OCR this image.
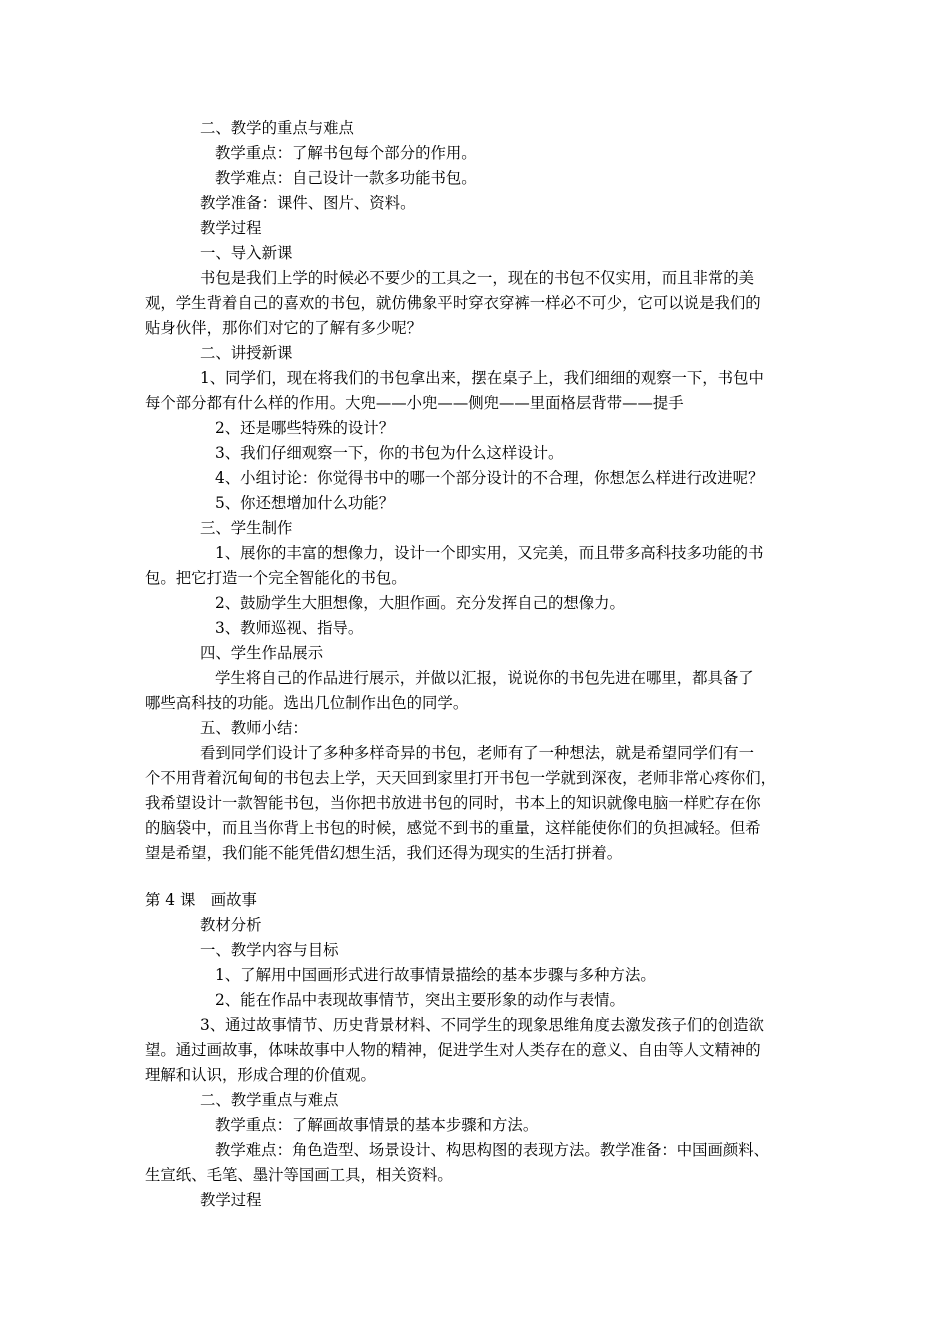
二、教学的重点与难点

教学重点：了解书包每个部分的作用。

教学难点：自己设计一款多功能书包。

教学准备：课件、图片、资料。

教学过程

一、导入新课

书包是我们上学的时候必不要少的工具之一，现在的书包不仅实用，而且非常的美

观，学生背着自己的喜欢的书包，就仿佛象平时穿衣穿裤一样必不可少，它可以说是我们的

贴身伙伴，那你们对它的了解有多少呢？

二、讲授新课

1、同学们，现在将我们的书包拿出来，摆在桌子上，我们细细的观察一下，书包中

每个部分都有什么样的作用。大兜——小兜——侧兜——里面格层背带——提手

2、还是哪些特殊的设计？

3、我们仔细观察一下，你的书包为什么这样设计。

4、小组讨论：你觉得书中的哪一个部分设计的不合理，你想怎么样进行改进呢？

5、你还想增加什么功能？

三、学生制作

1、展你的丰富的想像力，设计一个即实用，又完美，而且带多高科技多功能的书

包。把它打造一个完全智能化的书包。

2、鼓励学生大胆想像，大胆作画。充分发挥自己的想像力。

3、教师巡视、指导。

四、学生作品展示

学生将自己的作品进行展示，并做以汇报，说说你的书包先进在哪里，都具备了

哪些高科技的功能。选出几位制作出色的同学。

五、教师小结：

看到同学们设计了多种多样奇异的书包，老师有了一种想法，就是希望同学们有一

个不用背着沉甸甸的书包去上学，天天回到家里打开书包一学就到深夜，老师非常心疼你们，

我希望设计一款智能书包，当你把书放进书包的同时，书本上的知识就像电脑一样贮存在你

的脑袋中，而且当你背上书包的时候，感觉不到书的重量，这样能使你们的负担减轻。但希

望是希望，我们能不能凭借幻想生活，我们还得为现实的生活打拼着。

第 4 课　画故事

教材分析

一、教学内容与目标

1、了解用中国画形式进行故事情景描绘的基本步骤与多种方法。

2、能在作品中表现故事情节，突出主要形象的动作与表情。

3、通过故事情节、历史背景材料、不同学生的现象思维角度去激发孩子们的创造欲

望。通过画故事，体味故事中人物的精神，促进学生对人类存在的意义、自由等人文精神的

理解和认识，形成合理的价值观。

二、教学重点与难点

教学重点：了解画故事情景的基本步骤和方法。

教学难点：角色造型、场景设计、构思构图的表现方法。教学准备：中国画颜料、

生宣纸、毛笔、墨汁等国画工具，相关资料。

教学过程
